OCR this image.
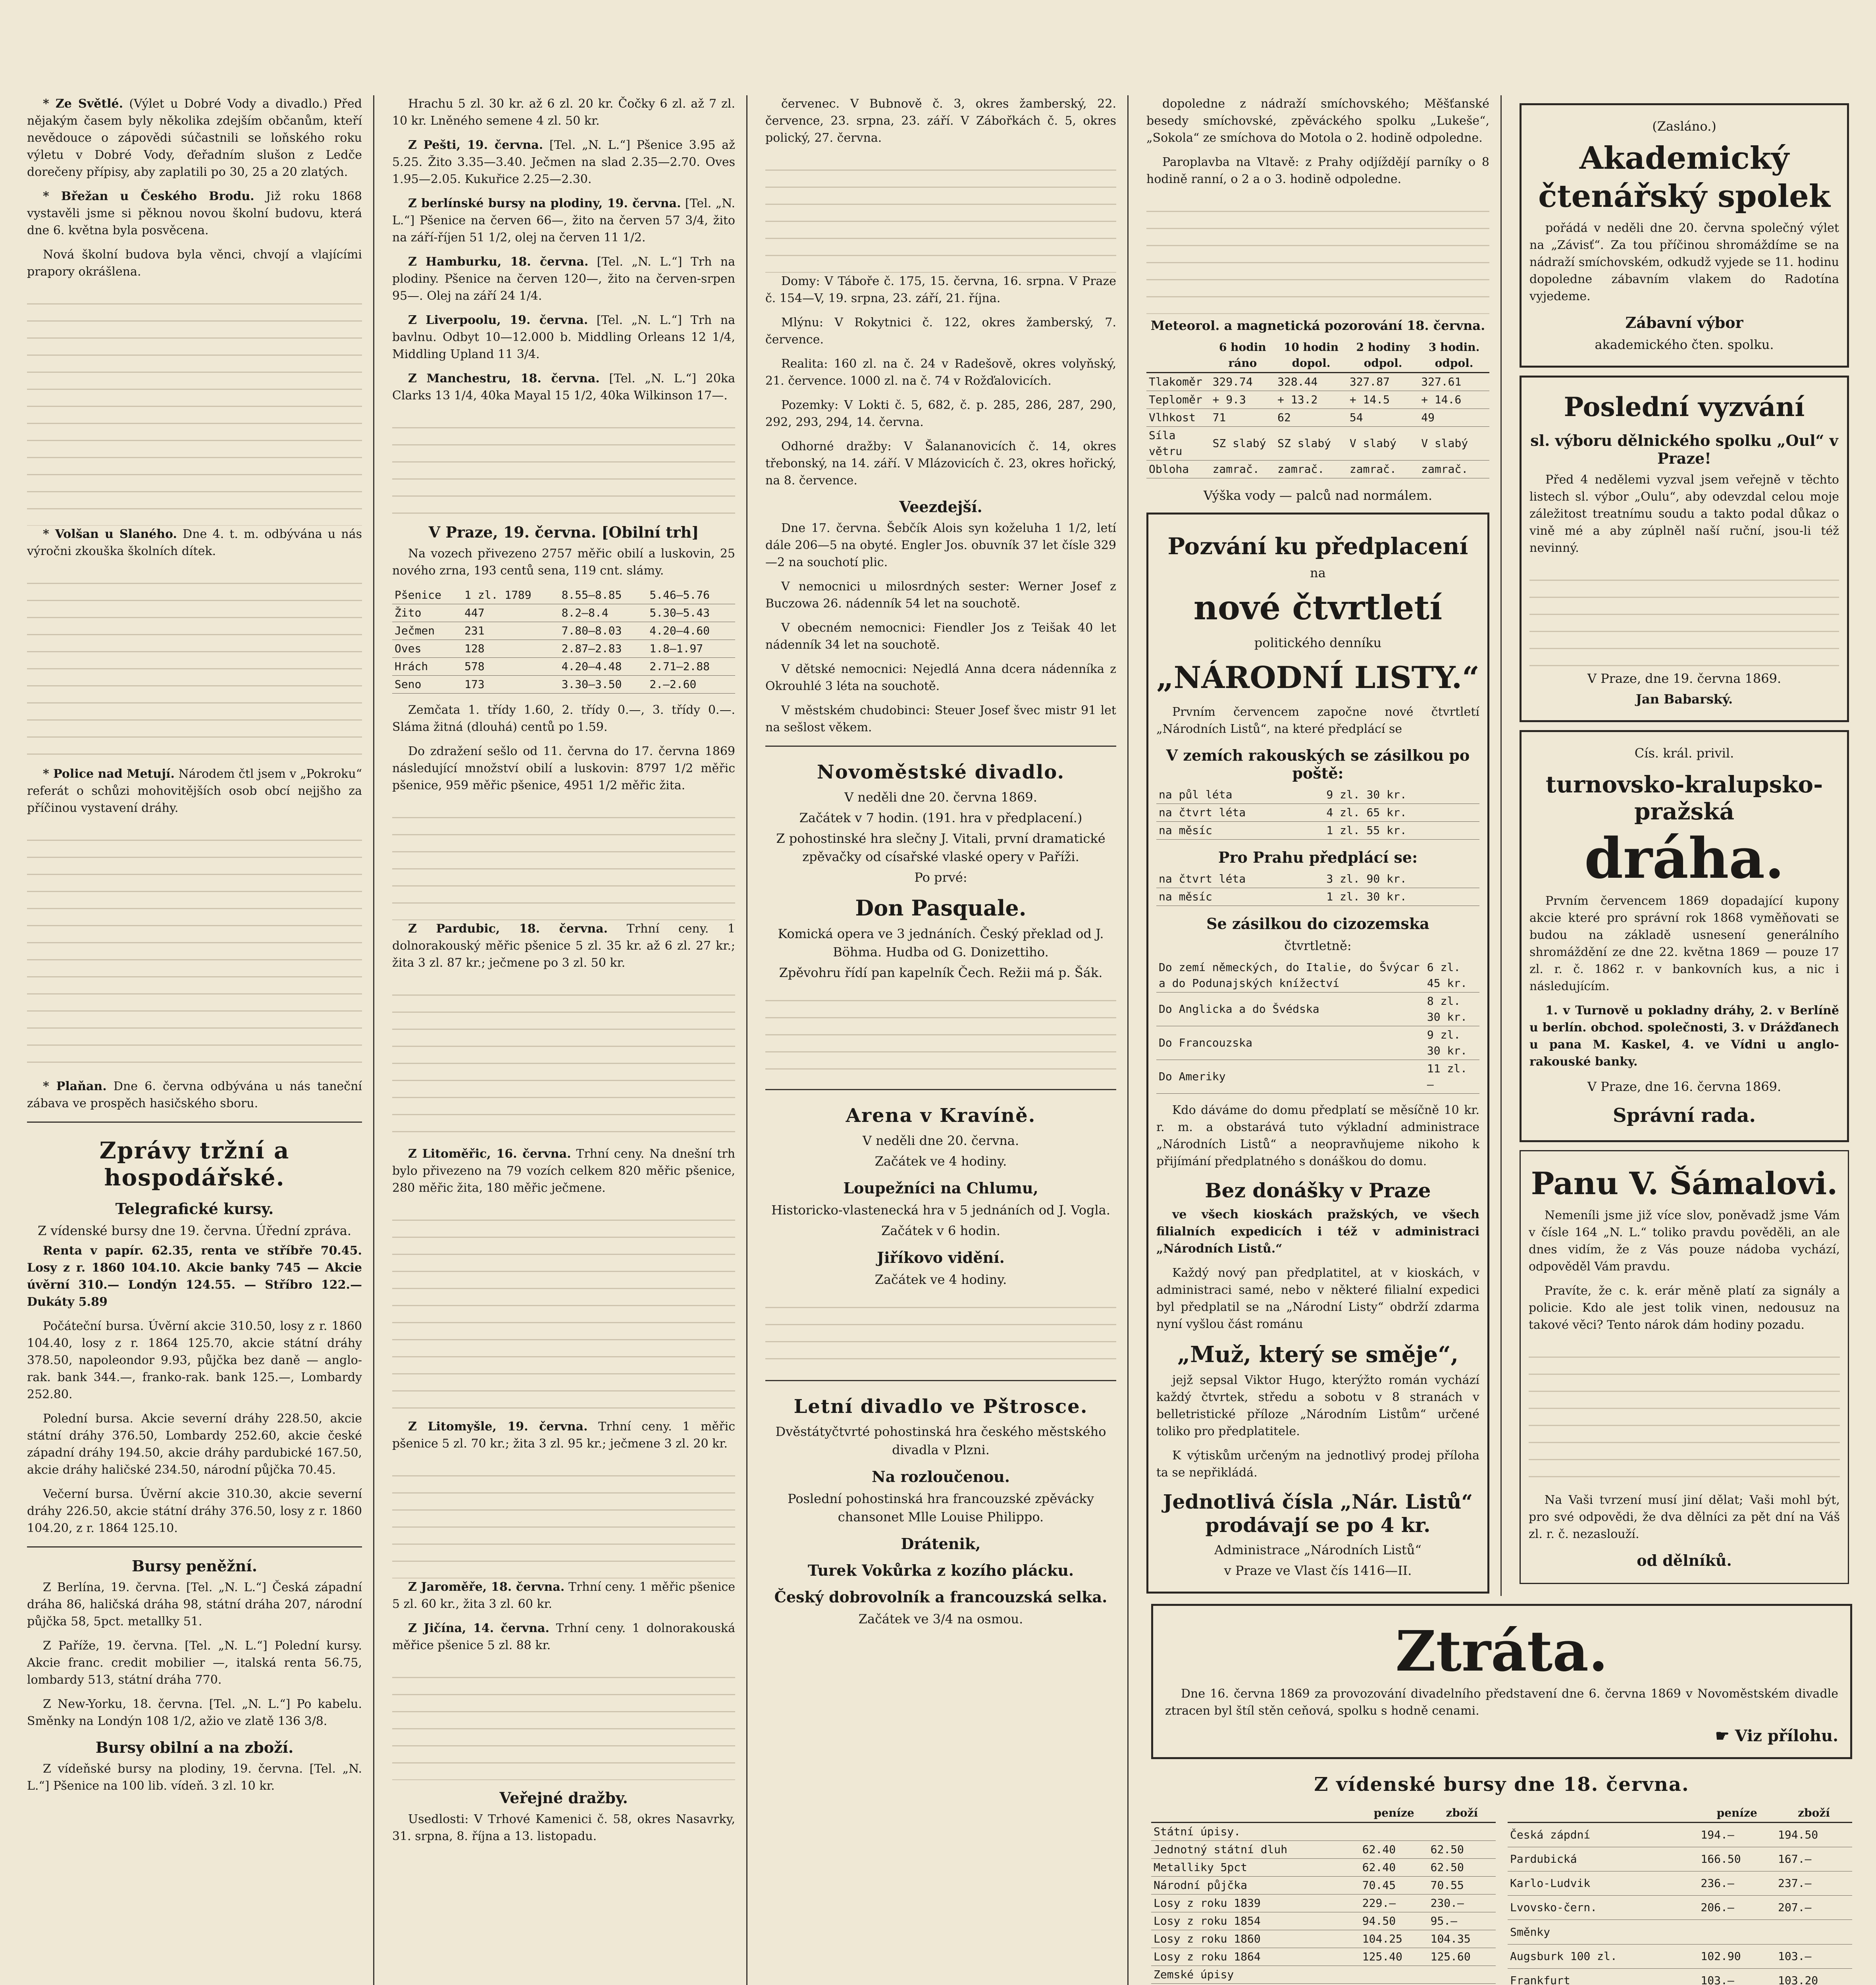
* Ze Světlé. (Výlet u Dobré Vody a divadlo.) Před nějakým časem byly několika zdejším občanům, kteří nevědouce o zápovědi súčastnili se loňského roku výletu v Dobré Vody, ďeřadním slušon z Ledče dorečeny přípisy, aby zaplatili po 30, 25 a 20 zlatých.

* Břežan u Českého Brodu. Již roku 1868 vystavěli jsme si pěknou novou školní budovu, která dne 6. května byla posvěcena.

Nová školní budova byla věnci, chvojí a vlajícími prapory okrášlena.

* Volšan u Slaného. Dne 4. t. m. odbývána u nás výročni zkouška školních dítek.

* Police nad Metují. Národem čtl jsem v „Pokroku“ referát o schůzi mohovitějších osob obcí nejjšho za příčinou vystavení dráhy.

* Plaňan. Dne 6. června odbývána u nás taneční zábava ve prospěch hasičského sboru.

Zprávy tržní a hospodářské.
Telegrafické kursy.
Z vídenské bursy dne 19. června. Úřední zpráva.

Renta v papír. 62.35, renta ve stříbře 70.45. Losy z r. 1860 104.10. Akcie banky 745 — Akcie úvěrní 310.— Londýn 124.55. — Stříbro 122.— Dukáty 5.89

Počáteční bursa. Úvěrní akcie 310.50, losy z r. 1860 104.40, losy z r. 1864 125.70, akcie státní dráhy 378.50, napoleondor 9.93, půjčka bez daně — anglo-rak. bank 344.—, franko-rak. bank 125.—, Lombardy 252.80.

Polední bursa. Akcie severní dráhy 228.50, akcie státní dráhy 376.50, Lombardy 252.60, akcie české západní dráhy 194.50, akcie dráhy pardubické 167.50, akcie dráhy haličské 234.50, národní půjčka 70.45.

Večerní bursa. Úvěrní akcie 310.30, akcie severní dráhy 226.50, akcie státní dráhy 376.50, losy z r. 1860 104.20, z r. 1864 125.10.

Bursy peněžní.

Z Berlína, 19. června. [Tel. „N. L.“] Česká západní dráha 86, haličská dráha 98, státní dráha 207, národní půjčka 58, 5pct. metallky 51.

Z Paříže, 19. června. [Tel. „N. L.“] Polední kursy. Akcie franc. credit mobilier —, italská renta 56.75, lombardy 513, státní dráha 770.

Z New-Yorku, 18. června. [Tel. „N. L.“] Po kabelu. Směnky na Londýn 108 1/2, ažio ve zlatě 136 3/8.

Bursy obilní a na zboží.

Z vídeňské bursy na plodiny, 19. června. [Tel. „N. L.“] Pšenice na 100 lib. vídeň. 3 zl. 10 kr.

Hrachu 5 zl. 30 kr. až 6 zl. 20 kr. Čočky 6 zl. až 7 zl. 10 kr. Lněného semene 4 zl. 50 kr.

Z Pešti, 19. června. [Tel. „N. L.“] Pšenice 3.95 až 5.25. Žito 3.35—3.40. Ječmen na slad 2.35—2.70. Oves 1.95—2.05. Kukuřice 2.25—2.30.

Z berlínské bursy na plodiny, 19. června. [Tel. „N. L.“] Pšenice na červen 66—, žito na červen 57 3/4, žito na září-říjen 51 1/2, olej na červen 11 1/2.

Z Hamburku, 18. června. [Tel. „N. L.“] Trh na plodiny. Pšenice na červen 120—, žito na červen-srpen 95—. Olej na září 24 1/4.

Z Liverpoolu, 19. června. [Tel. „N. L.“] Trh na bavlnu. Odbyt 10—12.000 b. Middling Orleans 12 1/4, Middling Upland 11 3/4.

Z Manchestru, 18. června. [Tel. „N. L.“] 20ka Clarks 13 1/4, 40ka Mayal 15 1/2, 40ka Wilkinson 17—.

V Praze, 19. června. [Obilní trh]

Na vozech přivezeno 2757 měřic obilí a luskovin, 25 nového zrna, 193 centů sena, 119 cnt. slámy.

Pšenice	1 zl. 1789	8.55—8.85	5.46—5.76
Žito	447	8.2—8.4	5.30—5.43
Ječmen	231	7.80—8.03	4.20—4.60
Oves	128	2.87—2.83	1.8—1.97
Hrách	578	4.20—4.48	2.71—2.88
Seno	173	3.30—3.50	2.—2.60

Zemčata 1. třídy 1.60, 2. třídy 0.—, 3. třídy 0.—. Sláma žitná (dlouhá) centů po 1.59.

Do zdražení sešlo od 11. června do 17. června 1869 následující množství obilí a luskovin: 8797 1/2 měřic pšenice, 959 měřic pšenice, 4951 1/2 měřic žita.

Z Pardubic, 18. června. Trhní ceny. 1 dolnorakouský měřic pšenice 5 zl. 35 kr. až 6 zl. 27 kr.; žita 3 zl. 87 kr.; ječmene po 3 zl. 50 kr.

Z Litoměřic, 16. června. Trhní ceny. Na dnešní trh bylo přivezeno na 79 vozích celkem 820 měřic pšenice, 280 měřic žita, 180 měřic ječmene.

Z Litomyšle, 19. června. Trhní ceny. 1 měřic pšenice 5 zl. 70 kr.; žita 3 zl. 95 kr.; ječmene 3 zl. 20 kr.

Z Jaroměře, 18. června. Trhní ceny. 1 měřic pšenice 5 zl. 60 kr., žita 3 zl. 60 kr.

Z Jičína, 14. června. Trhní ceny. 1 dolnorakouská měřice pšenice 5 zl. 88 kr.

Veřejné dražby.

Usedlosti: V Trhové Kamenici č. 58, okres Nasavrky, 31. srpna, 8. října a 13. listopadu.

červenec. V Bubnově č. 3, okres žamberský, 22. července, 23. srpna, 23. září. V Zábořkách č. 5, okres polický, 27. června.

Domy: V Táboře č. 175, 15. června, 16. srpna. V Praze č. 154—V, 19. srpna, 23. září, 21. října.

Mlýnu: V Rokytnici č. 122, okres žamberský, 7. července.

Realita: 160 zl. na č. 24 v Radešově, okres volyňský, 21. července. 1000 zl. na č. 74 v Rožďalovicích.

Pozemky: V Lokti č. 5, 682, č. p. 285, 286, 287, 290, 292, 293, 294, 14. června.

Odhorné dražby: V Šalananovicích č. 14, okres třebonský, na 14. září. V Mlázovicích č. 23, okres hořický, na 8. července.

Veezdejší.

Dne 17. června. Šebčík Alois syn koželuha 1 1/2, letí dále 206—5 na obyté. Engler Jos. obuvník 37 let čísle 329—2 na souchotí plic.

V nemocnici u milosrdných sester: Werner Josef z Buczowa 26. nádenník 54 let na souchotě.

V obecném nemocnici: Fiendler Jos z Teišak 40 let nádenník 34 let na souchotě.

V dětské nemocnici: Nejedlá Anna dcera nádenníka z Okrouhlé 3 léta na souchotě.

V městském chudobinci: Steuer Josef švec mistr 91 let na sešlost věkem.

Novoměstské divadlo.
V neděli dne 20. června 1869.
Začátek v 7 hodin. (191. hra v předplacení.)
Z pohostinské hra slečny J. Vitali, první dramatické zpěvačky od císařské vlaské opery v Paříži.
Po prvé:
Don Pasquale.
Komická opera ve 3 jednáních. Český překlad od J. Böhma. Hudba od G. Donizettiho.
Zpěvohru řídí pan kapelník Čech. Režii má p. Šák.
Arena v Kravíně.
V neděli dne 20. června.
Začátek ve 4 hodiny.
Loupežníci na Chlumu,
Historicko-vlastenecká hra v 5 jednáních od J. Vogla.
Začátek v 6 hodin.
Jiříkovo vidění.
Začátek ve 4 hodiny.
Letní divadlo ve Pštrosce.
Dvěstátyčtvrté pohostinská hra českého městského divadla v Plzni.
Na rozloučenou.
Poslední pohostinská hra francouzské zpěvácky chansonet Mlle Louise Philippo.
Drátenik,
Turek Vokůrka z kozího plácku.
Český dobrovolník a francouzská selka.
Začátek ve 3/4 na osmou.

dopoledne z nádraží smíchovského; Měšťanské besedy smíchovské, zpěváckého spolku „Lukeše“, „Sokola“ ze smíchova do Motola o 2. hodině odpoledne.

Paroplavba na Vltavě: z Prahy odjíždějí parníky o 8 hodině ranní, o 2 a o 3. hodině odpoledne.

Meteorol. a magnetická pozorování 18. června.
	6 hodin ráno	10 hodin dopol.	2 hodiny odpol.	3 hodin. odpol.
Tlakoměr	329.74	328.44	327.87	327.61
Teploměr	+ 9.3	+ 13.2	+ 14.5	+ 14.6
Vlhkost	71	62	54	49
Síla větru	SZ slabý	SZ slabý	V slabý	V slabý
Obloha	zamrač.	zamrač.	zamrač.	zamrač.
Výška vody — palců nad normálem.
Pozvání ku předplacení
na
nové čtvrtletí
politického denníku
„NÁRODNÍ LISTY.“

Prvním červencem započne nové čtvrtletí „Národních Listů“, na které předplácí se

V zemích rakouských se zásilkou po poště:
na půl léta	9 zl. 30 kr.
na čtvrt léta	4 zl. 65 kr.
na měsíc	1 zl. 55 kr.
Pro Prahu předplácí se:
na čtvrt léta	3 zl. 90 kr.
na měsíc	1 zl. 30 kr.
Se zásilkou do cizozemska
čtvrtletně:
Do zemí německých, do Italie, do Švýcar a do Podunajských knížectví	6 zl. 45 kr.
Do Anglicka a do Švédska	8 zl. 30 kr.
Do Francouzska	9 zl. 30 kr.
Do Ameriky	11 zl. —

Kdo dáváme do domu předplatí se měsíčně 10 kr. r. m. a obstarává tuto výkladní administrace „Národních Listů“ a neopravňujeme nikoho k přijímání předplatného s donáškou do domu.

Bez donášky v Praze

ve všech kioskách pražských, ve všech filialních expedicích i též v administraci „Národních Listů.“

Každý nový pan předplatitel, at v kioskách, v administraci samé, nebo v některé filialní expedici byl předplatil se na „Národní Listy“ obdrží zdarma nyní vyšlou část románu

„Muž, který se směje“,

jejž sepsal Viktor Hugo, kterýžto román vychází každý čtvrtek, středu a sobotu v 8 stranách v belletristické příloze „Národním Listům“ určené toliko pro předplatitele.

K výtiskům určeným na jednotlivý prodej příloha ta se nepřikládá.

Jednotlivá čísla „Nár. Listů“ prodávají se po 4 kr.
Administrace „Národních Listů“
v Praze ve Vlast čís 1416—II.
(Zasláno.)
Akademický čtenářský spolek

pořádá v neděli dne 20. června společný výlet na „Závisť“. Za tou příčinou shromáždíme se na nádraží smíchovském, odkudž vyjede se 11. hodinu dopoledne zábavním vlakem do Radotína vyjedeme.

Zábavní výbor
akademického čten. spolku.
Poslední vyzvání
sl. výboru dělnického spolku „Oul“ v Praze!

Před 4 nedělemi vyzval jsem veřejně v těchto listech sl. výbor „Oulu“, aby odevzdal celou moje záležitost treatnímu soudu a takto podal důkaz o vině mé a aby zúplněl naší ruční, jsou-li též nevinný.

V Praze, dne 19. června 1869.
Jan Babarský.
Cís. král. privil.
turnovsko-kralupsko-pražská
dráha.

Prvním červencem 1869 dopadající kupony akcie které pro správní rok 1868 vyměňovati se budou na základě usnesení generálního shromáždění ze dne 22. května 1869 — pouze 17 zl. r. č. 1862 r. v bankovních kus, a nic i následujícím.

1. v Turnově u pokladny dráhy, 2. v Berlíně u berlín. obchod. společnosti, 3. v Drážďanech u pana M. Kaskel, 4. ve Vídni u anglo-rakouské banky.

V Praze, dne 16. června 1869.
Správní rada.
Panu V. Šámalovi.

Nemeníli jsme již více slov, poněvadž jsme Vám v čísle 164 „N. L.“ toliko pravdu pověděli, an ale dnes vidím, že z Vás pouze nádoba vychází, odpověděl Vám pravdu.

Pravíte, že c. k. erár měně platí za signály a policie. Kdo ale jest tolik vinen, nedousuz na takové věci? Tento nárok dám hodiny pozadu.

Na Vaši tvrzení musí jiní dělat; Vaši mohl být, pro své odpovědi, že dva dělníci za pět dní na Váš zl. r. č. nezaslouží.

od dělníků.
Ztráta.

Dne 16. června 1869 za provozování divadelního představení dne 6. června 1869 v Novoměstském divadle ztracen byl štíl stěn ceňová, spolku s hodně cenami.

☛ Viz přílohu.
Z vídenské bursy dne 18. června.
	peníze	zboží
Státní úpisy.		
Jednotný státní dluh	62.40	62.50
Metalliky 5pct	62.40	62.50
Národní půjčka	70.45	70.55
Losy z roku 1839	229.—	230.—
Losy z roku 1854	94.50	95.—
Losy z roku 1860	104.25	104.35
Losy z roku 1864	125.40	125.60
Zemské úpisy		

	peníze	zboží
Česká zápdní	194.—	194.50
Pardubická	166.50	167.—
Karlo-Ludvik	236.—	237.—
Lvovsko-čern.	206.—	207.—
Směnky		
Augsburk 100 zl.	102.90	103.—
Frankfurt	103.—	103.20
